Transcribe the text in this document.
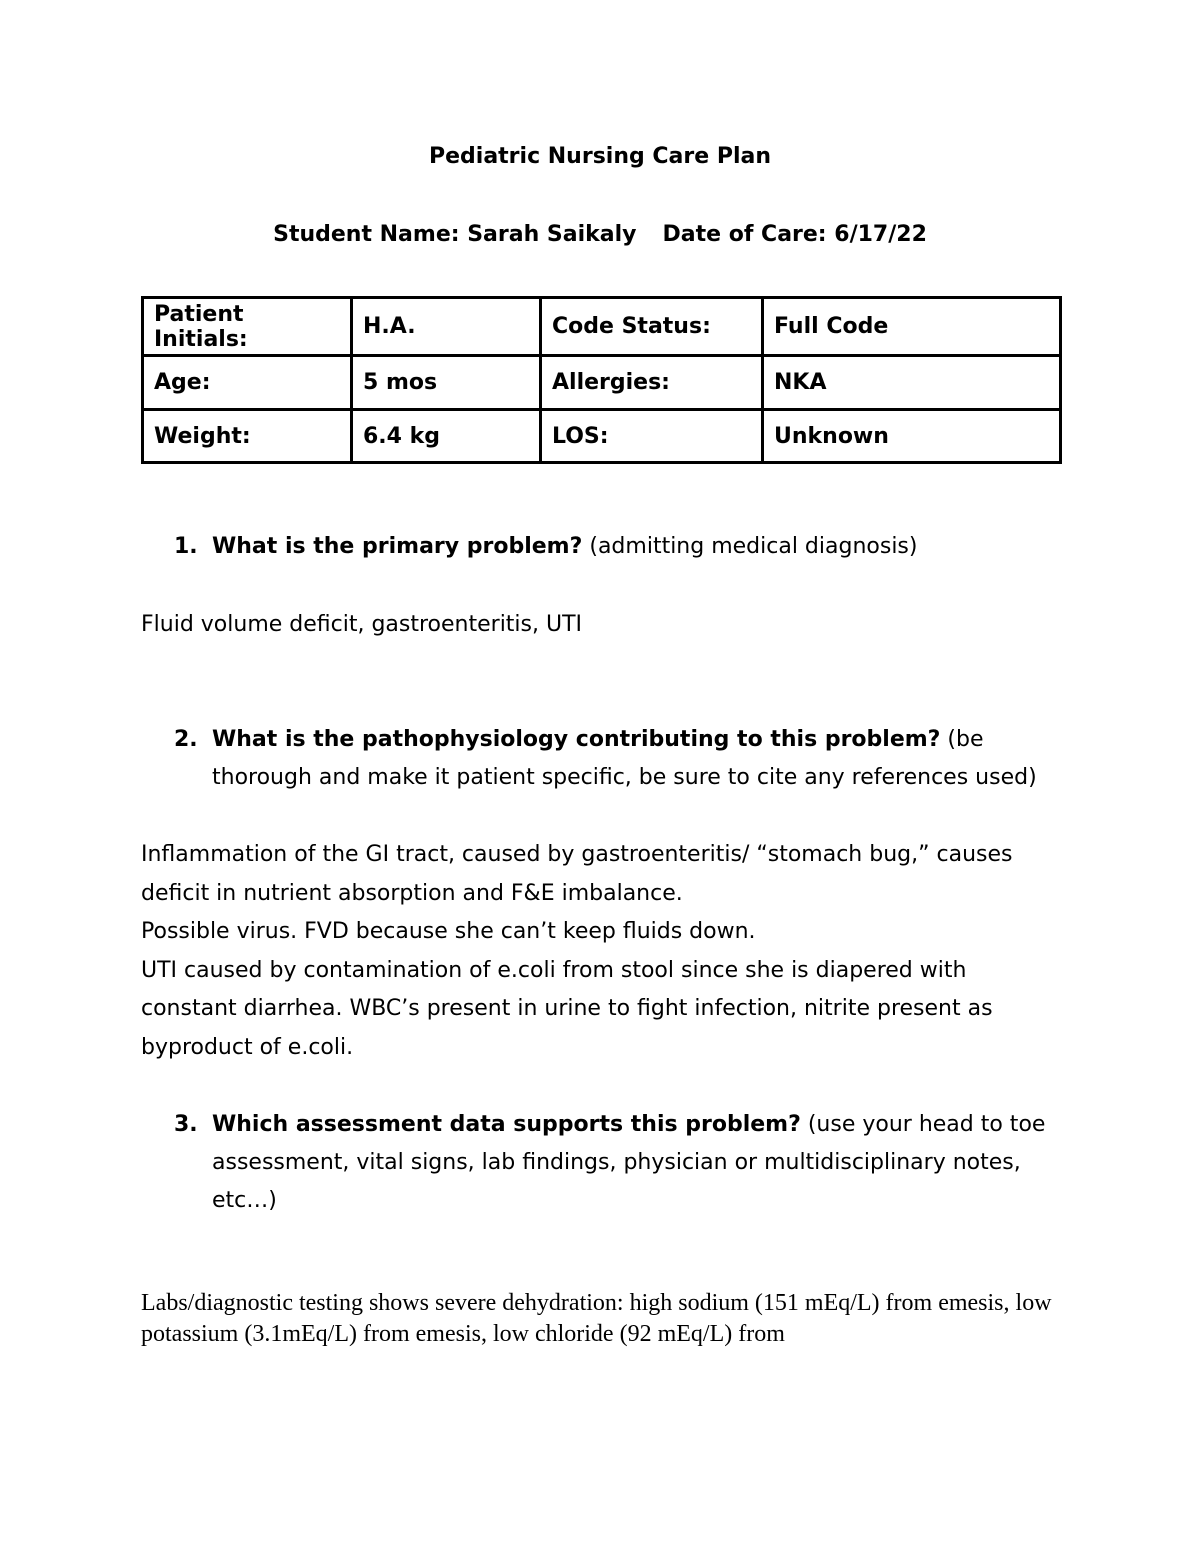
Pediatric Nursing Care Plan
Student Name: Sarah Saikaly Date of Care: 6/17/22
Patient Initials:	H.A.	Code Status:	Full Code
Age:	5 mos	Allergies:	NKA
Weight:	6.4 kg	LOS:	Unknown
1. What is the primary problem? (admitting medical diagnosis)

Fluid volume deficit, gastroenteritis, UTI

2. What is the pathophysiology contributing to this problem? (be thorough and make it patient specific, be sure to cite any references used)

Inflammation of the GI tract, caused by gastroenteritis/ “stomach bug,” causes deficit in nutrient absorption and F&E imbalance.

Possible virus. FVD because she can’t keep fluids down.

UTI caused by contamination of e.coli from stool since she is diapered with constant diarrhea. WBC’s present in urine to fight infection, nitrite present as byproduct of e.coli.

3. Which assessment data supports this problem? (use your head to toe assessment, vital signs, lab findings, physician or multidisciplinary notes, etc…)

Labs/diagnostic testing shows severe dehydration: high sodium (151 mEq/L) from emesis, low potassium (3.1mEq/L) from emesis, low chloride (92 mEq/L) from
